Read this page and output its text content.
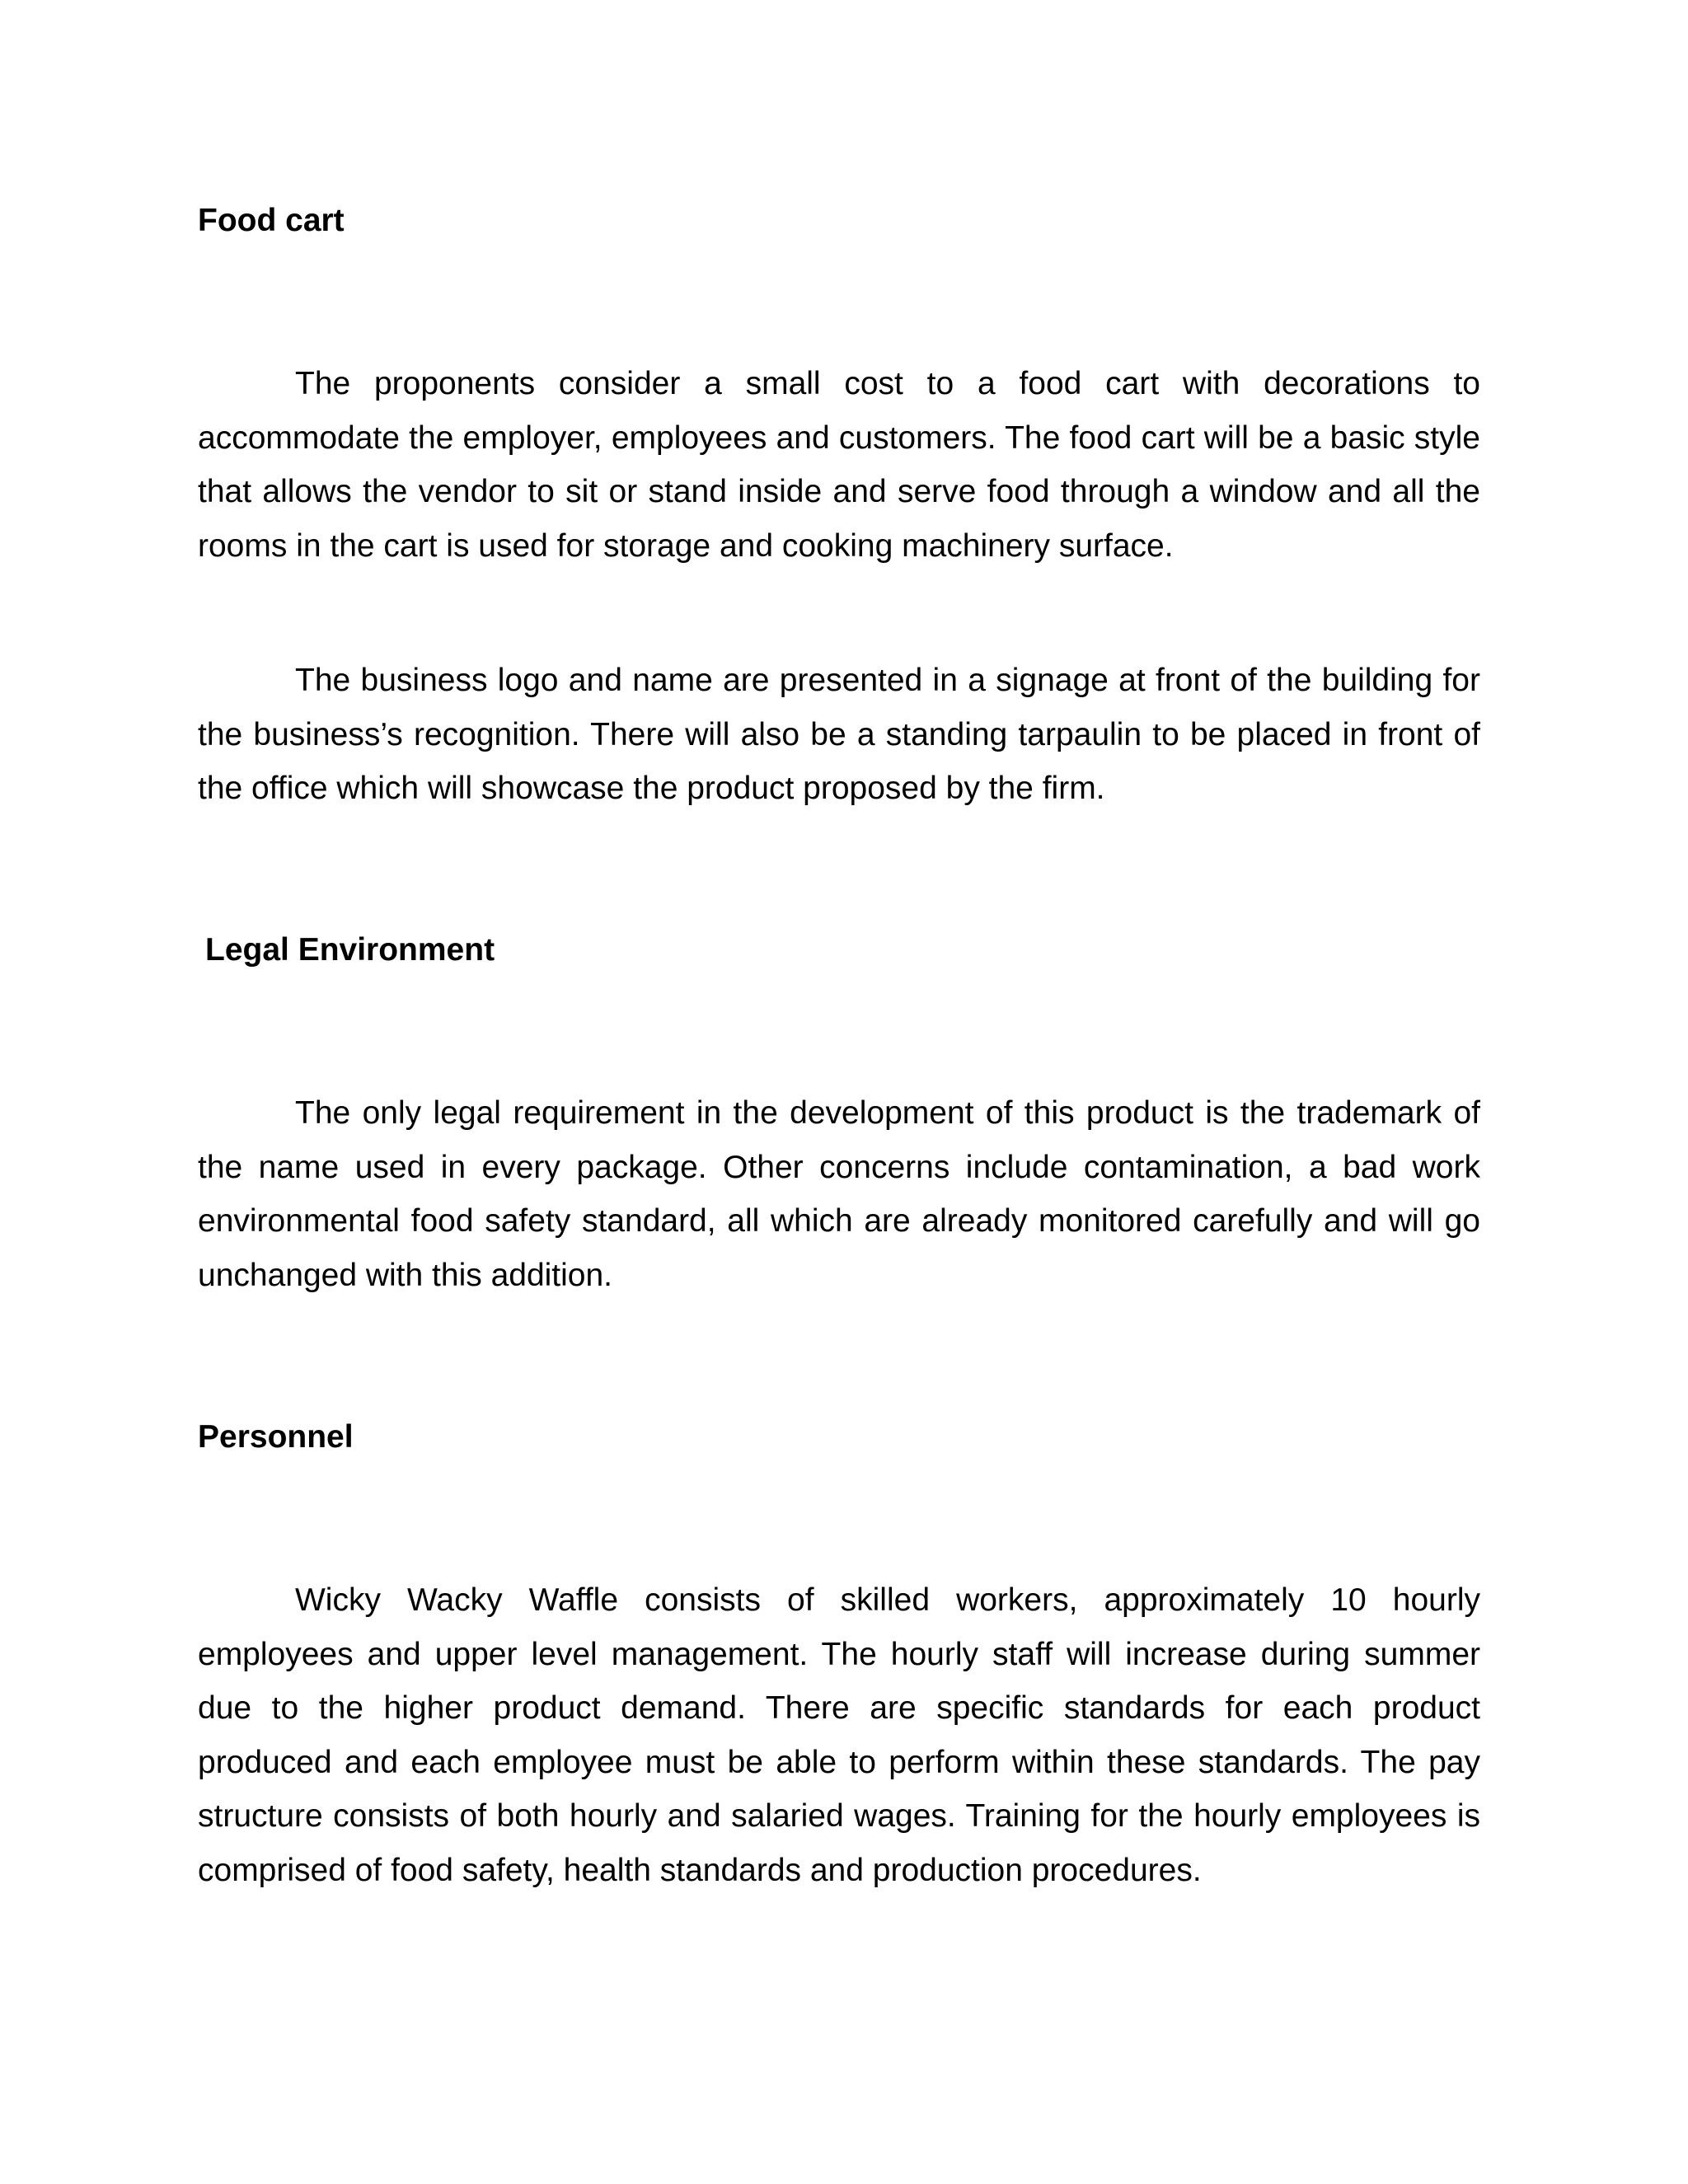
Food cart

The proponents consider a small cost to a food cart with decorations to accommodate the employer, employees and customers. The food cart will be a basic style that allows the vendor to sit or stand inside and serve food through a window and all the rooms in the cart is used for storage and cooking machinery surface.

The business logo and name are presented in a signage at front of the building for the business’s recognition. There will also be a standing tarpaulin to be placed in front of the office which will showcase the product proposed by the firm.

Legal Environment

The only legal requirement in the development of this product is the trademark of the name used in every package. Other concerns include contamination, a bad work environmental food safety standard, all which are already monitored carefully and will go unchanged with this addition.

Personnel

Wicky Wacky Waffle consists of skilled workers, approximately 10 hourly employees and upper level management. The hourly staff will increase during summer due to the higher product demand. There are specific standards for each product produced and each employee must be able to perform within these standards. The pay structure consists of both hourly and salaried wages. Training for the hourly employees is comprised of food safety, health standards and production procedures.
